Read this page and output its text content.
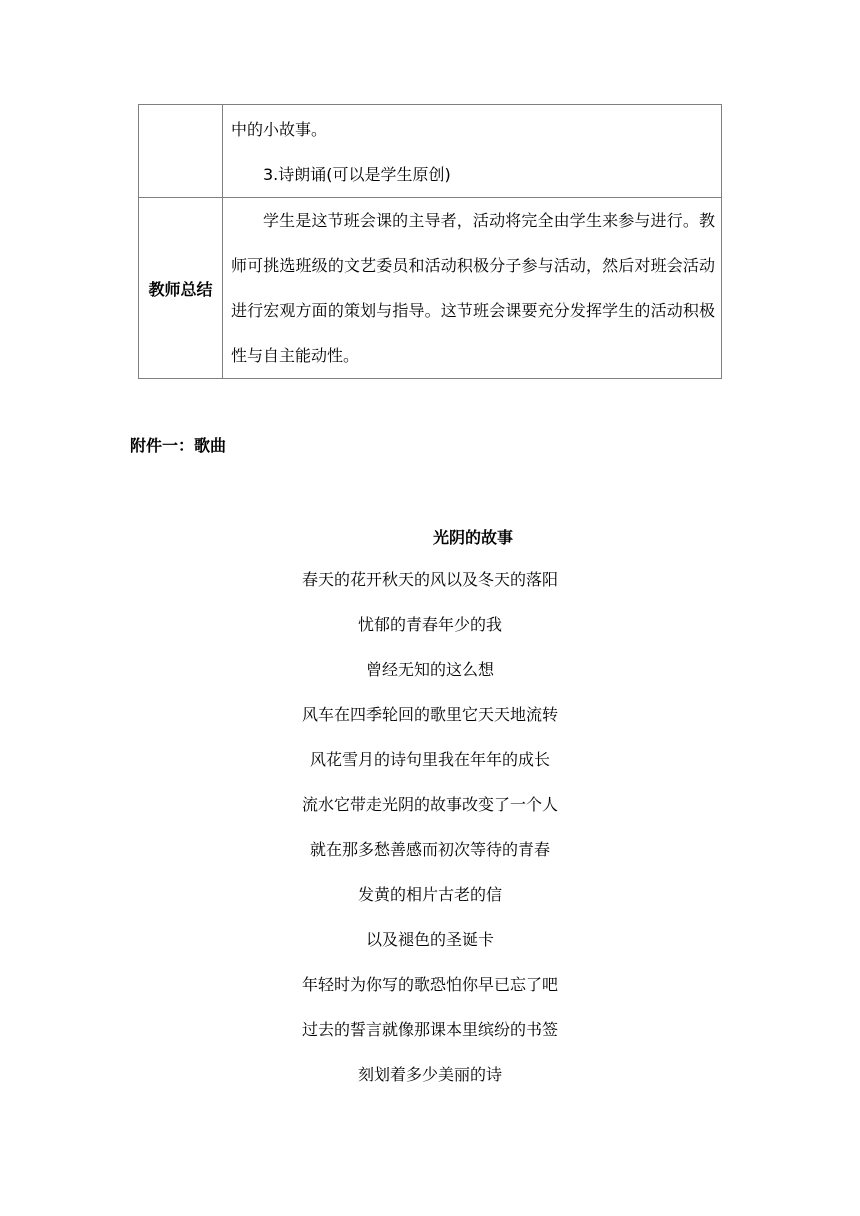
	中的小故事。

3.诗朗诵(可以是学生原创)

教师总结	学生是这节班会课的主导者，活动将完全由学生来参与进行。教师可挑选班级的文艺委员和活动积极分子参与活动，然后对班会活动进行宏观方面的策划与指导。这节班会课要充分发挥学生的活动积极性与自主能动性。

附件一：歌曲
光阴的故事
春天的花开秋天的风以及冬天的落阳
忧郁的青春年少的我
曾经无知的这么想
风车在四季轮回的歌里它天天地流转
风花雪月的诗句里我在年年的成长
流水它带走光阴的故事改变了一个人
就在那多愁善感而初次等待的青春
发黄的相片古老的信
以及褪色的圣诞卡
年轻时为你写的歌恐怕你早已忘了吧
过去的誓言就像那课本里缤纷的书签
刻划着多少美丽的诗
